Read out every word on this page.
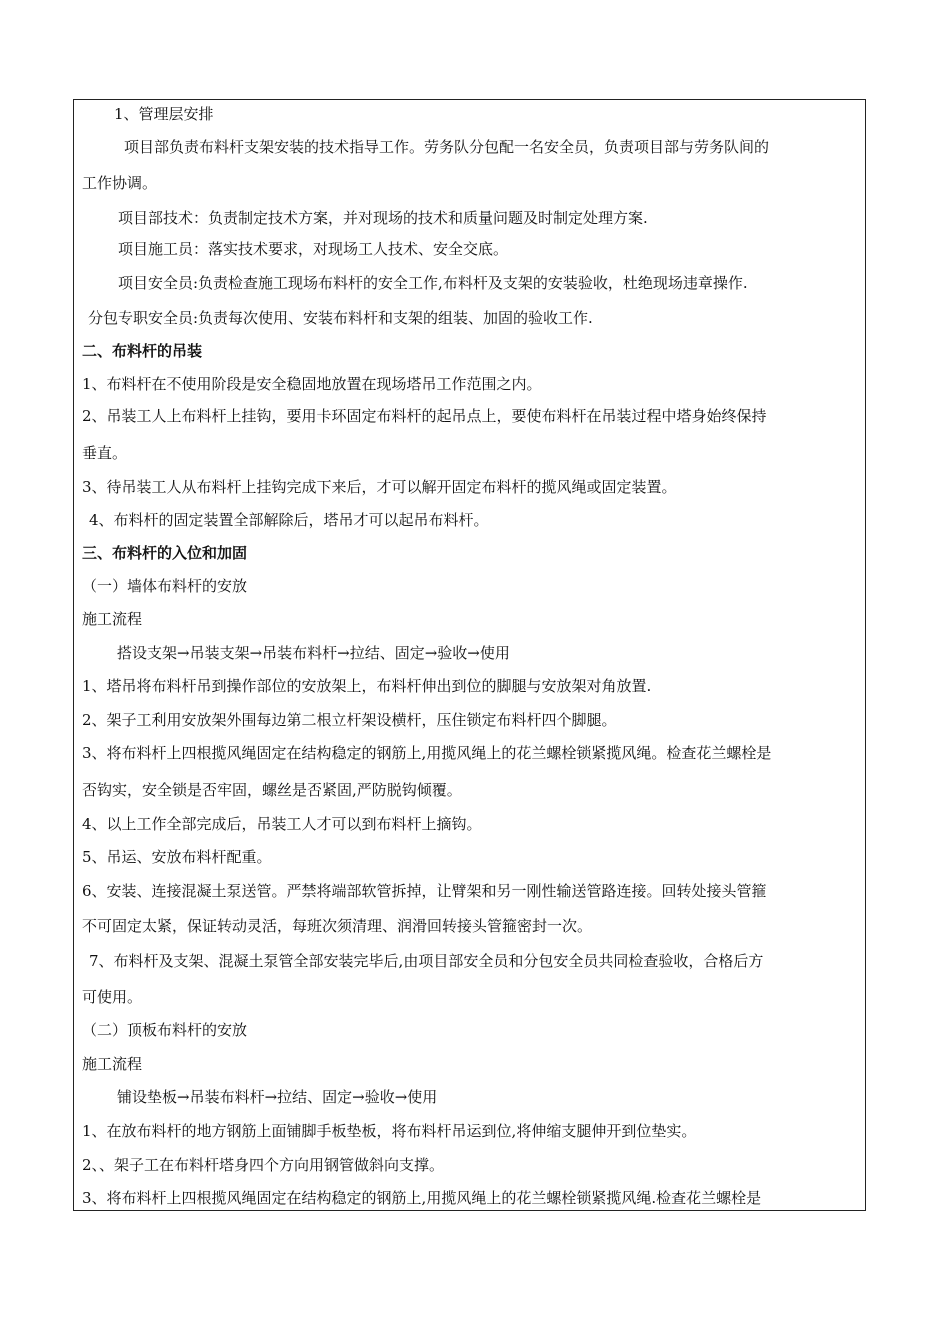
1、管理层安排
项目部负责布料杆支架安装的技术指导工作。劳务队分包配一名安全员，负责项目部与劳务队间的
工作协调。
项目部技术：负责制定技术方案，并对现场的技术和质量问题及时制定处理方案.
项目施工员：落实技术要求，对现场工人技术、安全交底。
项目安全员:负责检查施工现场布料杆的安全工作,布料杆及支架的安装验收，杜绝现场违章操作.
分包专职安全员:负责每次使用、安装布料杆和支架的组装、加固的验收工作.
二、布料杆的吊装
1、布料杆在不使用阶段是安全稳固地放置在现场塔吊工作范围之内。
2、吊装工人上布料杆上挂钩，要用卡环固定布料杆的起吊点上，要使布料杆在吊装过程中塔身始终保持
垂直。
3、待吊装工人从布料杆上挂钩完成下来后，才可以解开固定布料杆的揽风绳或固定装置。
4、布料杆的固定装置全部解除后，塔吊才可以起吊布料杆。
三、布料杆的入位和加固
（一）墙体布料杆的安放
施工流程
搭设支架→吊装支架→吊装布料杆→拉结、固定→验收→使用
1、塔吊将布料杆吊到操作部位的安放架上，布料杆伸出到位的脚腿与安放架对角放置.
2、架子工利用安放架外围每边第二根立杆架设横杆，压住锁定布料杆四个脚腿。
3、将布料杆上四根揽风绳固定在结构稳定的钢筋上,用揽风绳上的花兰螺栓锁紧揽风绳。检查花兰螺栓是
否钩实，安全锁是否牢固，螺丝是否紧固,严防脱钩倾覆。
4、以上工作全部完成后，吊装工人才可以到布料杆上摘钩。
5、吊运、安放布料杆配重。
6、安装、连接混凝土泵送管。严禁将端部软管拆掉，让臂架和另一刚性输送管路连接。回转处接头管箍
不可固定太紧，保证转动灵活，每班次须清理、润滑回转接头管箍密封一次。
7、布料杆及支架、混凝土泵管全部安装完毕后,由项目部安全员和分包安全员共同检查验收，合格后方
可使用。
（二）顶板布料杆的安放
施工流程
铺设垫板→吊装布料杆→拉结、固定→验收→使用
1、在放布料杆的地方钢筋上面铺脚手板垫板，将布料杆吊运到位,将伸缩支腿伸开到位垫实。
2、、架子工在布料杆塔身四个方向用钢管做斜向支撑。
3、将布料杆上四根揽风绳固定在结构稳定的钢筋上,用揽风绳上的花兰螺栓锁紧揽风绳.检查花兰螺栓是
